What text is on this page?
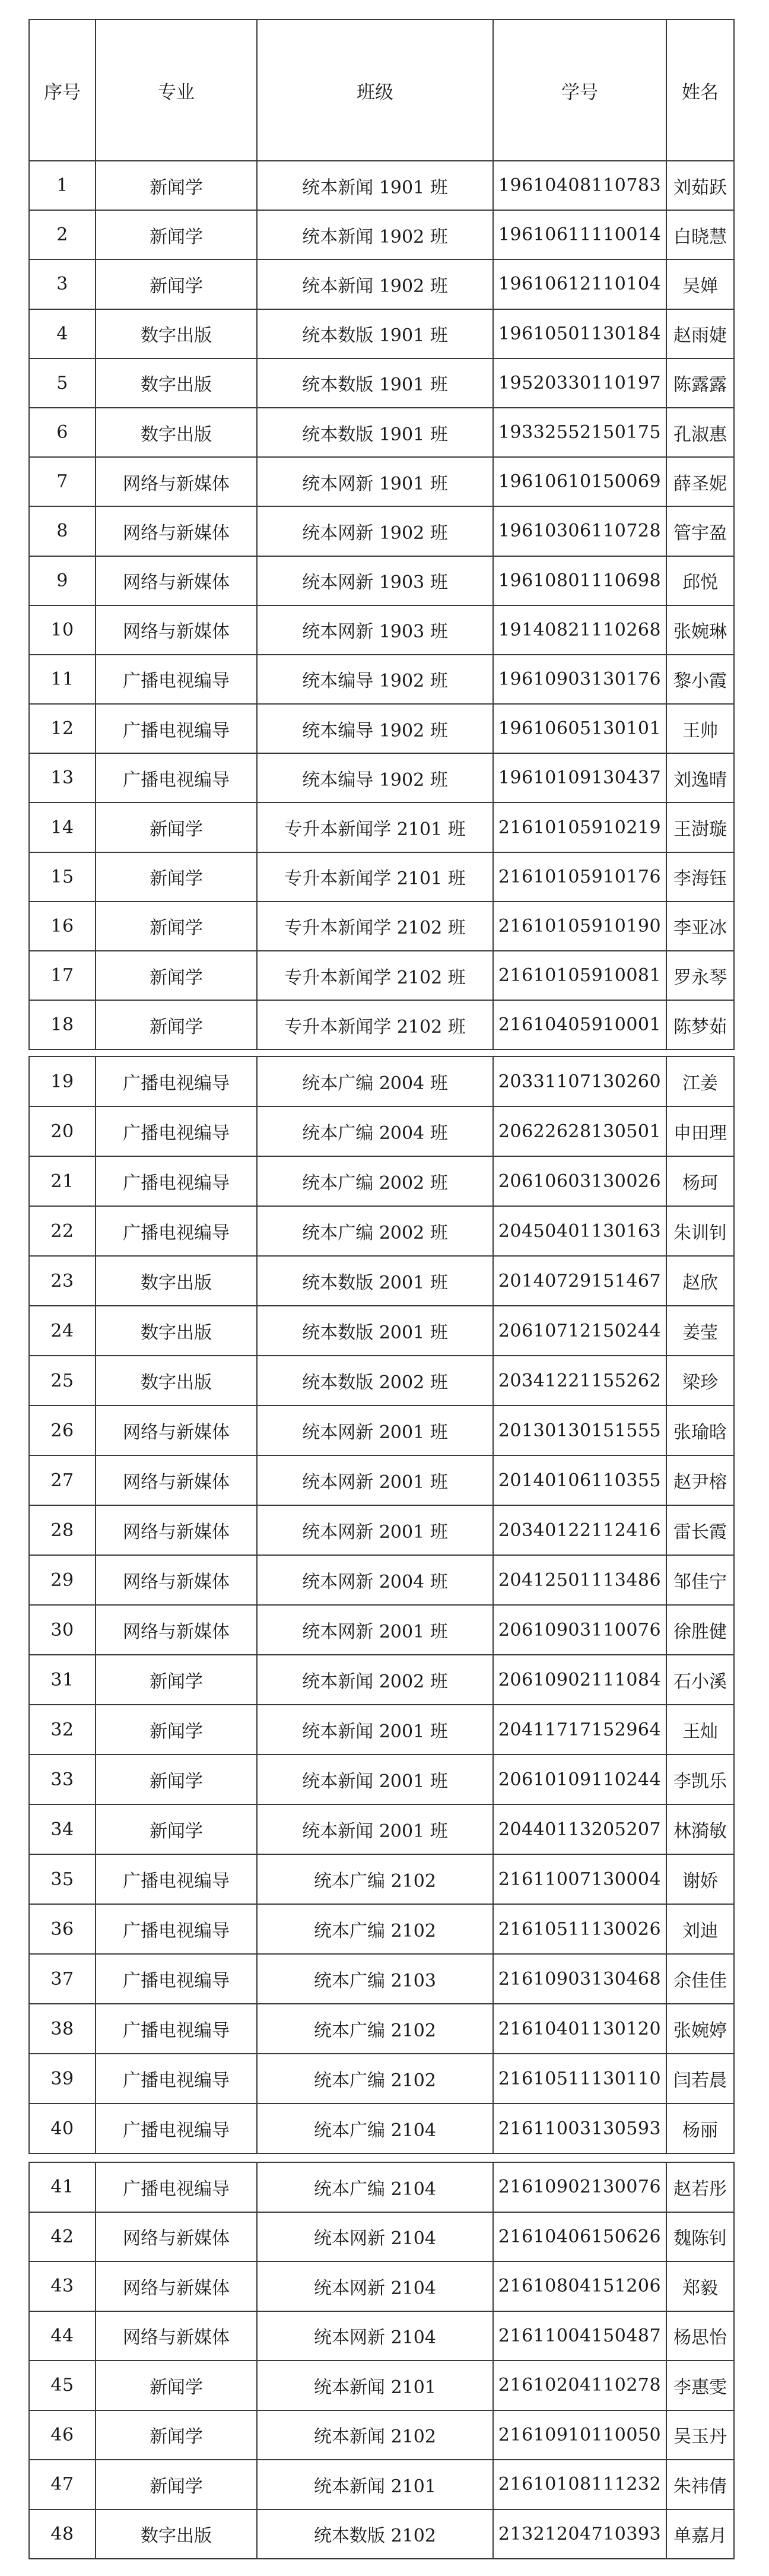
序号	专业	班级	学号	姓名
1	新闻学	统本新闻 1901 班	19610408110783	刘茹跃
2	新闻学	统本新闻 1902 班	19610611110014	白晓慧
3	新闻学	统本新闻 1902 班	19610612110104	吴婵
4	数字出版	统本数版 1901 班	19610501130184	赵雨婕
5	数字出版	统本数版 1901 班	19520330110197	陈露露
6	数字出版	统本数版 1901 班	19332552150175	孔淑惠
7	网络与新媒体	统本网新 1901 班	19610610150069	薛圣妮
8	网络与新媒体	统本网新 1902 班	19610306110728	管宇盈
9	网络与新媒体	统本网新 1903 班	19610801110698	邱悦
10	网络与新媒体	统本网新 1903 班	19140821110268	张婉琳
11	广播电视编导	统本编导 1902 班	19610903130176	黎小霞
12	广播电视编导	统本编导 1902 班	19610605130101	王帅
13	广播电视编导	统本编导 1902 班	19610109130437	刘逸晴
14	新闻学	专升本新闻学 2101 班	21610105910219	王澍璇
15	新闻学	专升本新闻学 2101 班	21610105910176	李海钰
16	新闻学	专升本新闻学 2102 班	21610105910190	李亚冰
17	新闻学	专升本新闻学 2102 班	21610105910081	罗永琴
18	新闻学	专升本新闻学 2102 班	21610405910001	陈梦茹
19	广播电视编导	统本广编 2004 班	20331107130260	江姜
20	广播电视编导	统本广编 2004 班	20622628130501	申田理
21	广播电视编导	统本广编 2002 班	20610603130026	杨珂
22	广播电视编导	统本广编 2002 班	20450401130163	朱训钊
23	数字出版	统本数版 2001 班	20140729151467	赵欣
24	数字出版	统本数版 2001 班	20610712150244	姜莹
25	数字出版	统本数版 2002 班	20341221155262	梁珍
26	网络与新媒体	统本网新 2001 班	20130130151555	张瑜晗
27	网络与新媒体	统本网新 2001 班	20140106110355	赵尹榕
28	网络与新媒体	统本网新 2001 班	20340122112416	雷长霞
29	网络与新媒体	统本网新 2004 班	20412501113486	邹佳宁
30	网络与新媒体	统本网新 2001 班	20610903110076	徐胜健
31	新闻学	统本新闻 2002 班	20610902111084	石小溪
32	新闻学	统本新闻 2001 班	20411717152964	王灿
33	新闻学	统本新闻 2001 班	20610109110244	李凯乐
34	新闻学	统本新闻 2001 班	20440113205207	林漪敏
35	广播电视编导	统本广编 2102	21611007130004	谢娇
36	广播电视编导	统本广编 2102	21610511130026	刘迪
37	广播电视编导	统本广编 2103	21610903130468	余佳佳
38	广播电视编导	统本广编 2102	21610401130120	张婉婷
39	广播电视编导	统本广编 2102	21610511130110	闫若晨
40	广播电视编导	统本广编 2104	21611003130593	杨丽
41	广播电视编导	统本广编 2104	21610902130076	赵若彤
42	网络与新媒体	统本网新 2104	21610406150626	魏陈钊
43	网络与新媒体	统本网新 2104	21610804151206	郑毅
44	网络与新媒体	统本网新 2104	21611004150487	杨思怡
45	新闻学	统本新闻 2101	21610204110278	李惠雯
46	新闻学	统本新闻 2102	21610910110050	吴玉丹
47	新闻学	统本新闻 2101	21610108111232	朱祎倩
48	数字出版	统本数版 2102	21321204710393	单嘉月
